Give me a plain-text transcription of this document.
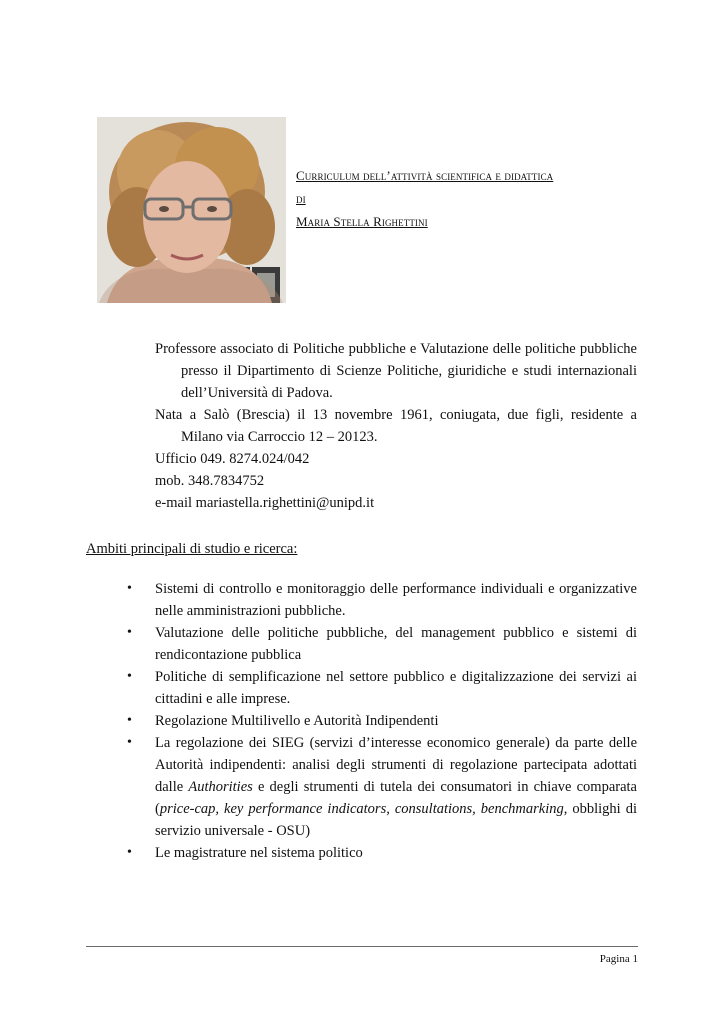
Curriculum dell’attività scientifica e didattica
di
Maria Stella Righettini

Professore associato di Politiche pubbliche e Valutazione delle politiche pubbliche presso il Dipartimento di Scienze Politiche, giuridiche e studi internazionali dell’Università di Padova.

Nata a Salò (Brescia) il 13 novembre 1961, coniugata, due figli, residente a Milano via Carroccio 12 – 20123.

Ufficio 049. 8274.024/042

mob. 348.7834752

e-mail mariastella.righettini@unipd.it

Ambiti principali di studio e ricerca:
• Sistemi di controllo e monitoraggio delle performance individuali e organizzative nelle amministrazioni pubbliche.
• Valutazione delle politiche pubbliche, del management pubblico e sistemi di rendicontazione pubblica
• Politiche di semplificazione nel settore pubblico e digitalizzazione dei servizi ai cittadini e alle imprese.
• Regolazione Multilivello e Autorità Indipendenti
• La regolazione dei SIEG (servizi d’interesse economico generale) da parte delle Autorità indipendenti: analisi degli strumenti di regolazione partecipata adottati dalle Authorities e degli strumenti di tutela dei consumatori in chiave comparata (price-cap, key performance indicators, consultations, benchmarking, obblighi di servizio universale - OSU)
• Le magistrature nel sistema politico
Pagina 1
